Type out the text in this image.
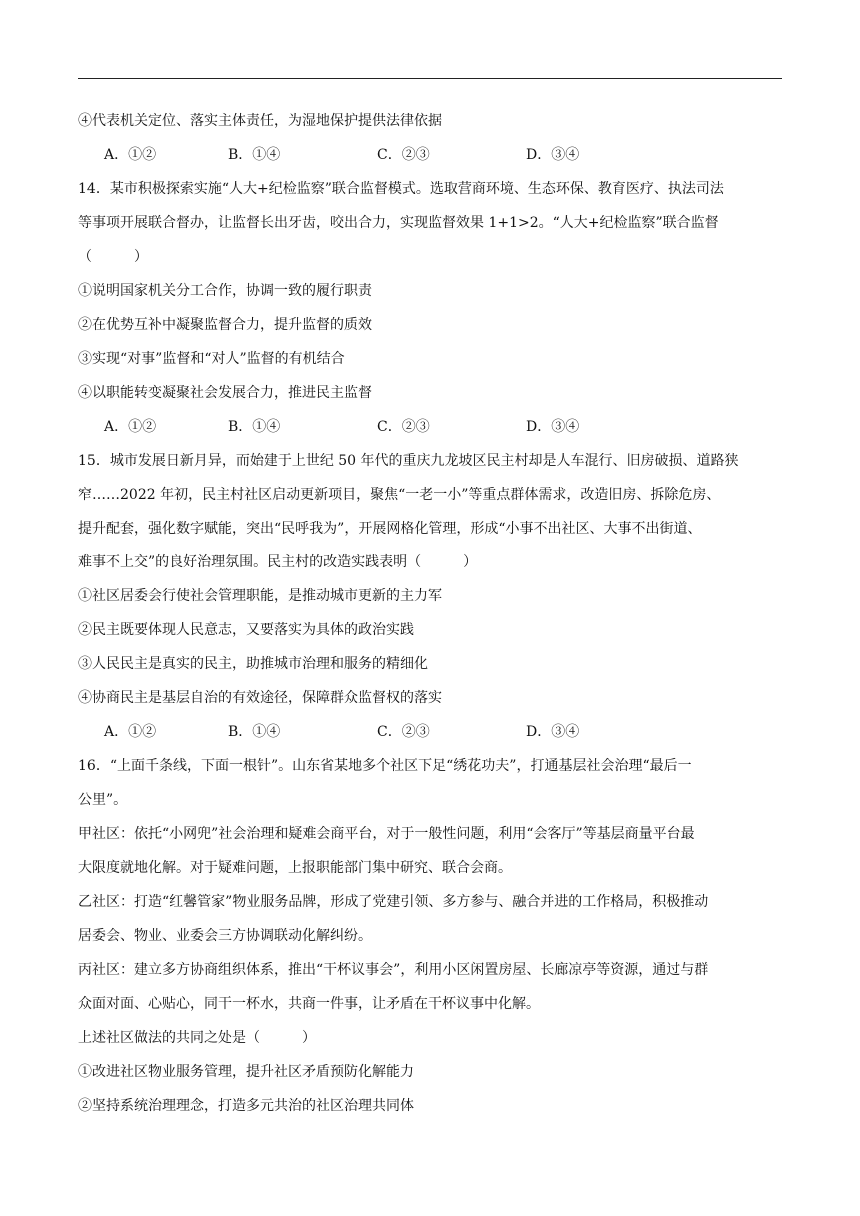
④代表机关定位、落实主体责任，为湿地保护提供法律依据
A．①②	B．①④	C．②③	D．③④
14．某市积极探索实施“人大+纪检监察”联合监督模式。选取营商环境、生态环保、教育医疗、执法司法
等事项开展联合督办，让监督长出牙齿，咬出合力，实现监督效果 1+1>2。“人大+纪检监察”联合监督
（　　　）
①说明国家机关分工合作，协调一致的履行职责
②在优势互补中凝聚监督合力，提升监督的质效
③实现“对事”监督和“对人”监督的有机结合
④以职能转变凝聚社会发展合力，推进民主监督
A．①②	B．①④	C．②③	D．③④
15．城市发展日新月异，而始建于上世纪 50 年代的重庆九龙坡区民主村却是人车混行、旧房破损、道路狭
窄……2022 年初，民主村社区启动更新项目，聚焦“一老一小”等重点群体需求，改造旧房、拆除危房、
提升配套，强化数字赋能，突出“民呼我为”，开展网格化管理，形成“小事不出社区、大事不出街道、
难事不上交”的良好治理氛围。民主村的改造实践表明（　　　）
①社区居委会行使社会管理职能，是推动城市更新的主力军
②民主既要体现人民意志，又要落实为具体的政治实践
③人民民主是真实的民主，助推城市治理和服务的精细化
④协商民主是基层自治的有效途径，保障群众监督权的落实
A．①②	B．①④	C．②③	D．③④
16．“上面千条线，下面一根针”。山东省某地多个社区下足“绣花功夫”，打通基层社会治理“最后一
公里”。
甲社区：依托“小网兜”社会治理和疑难会商平台，对于一般性问题，利用“会客厅”等基层商量平台最
大限度就地化解。对于疑难问题，上报职能部门集中研究、联合会商。
乙社区：打造“红馨管家”物业服务品牌，形成了党建引领、多方参与、融合并进的工作格局，积极推动
居委会、物业、业委会三方协调联动化解纠纷。
丙社区：建立多方协商组织体系，推出“干杯议事会”，利用小区闲置房屋、长廊凉亭等资源，通过与群
众面对面、心贴心，同干一杯水，共商一件事，让矛盾在干杯议事中化解。
上述社区做法的共同之处是（　　　）
①改进社区物业服务管理，提升社区矛盾预防化解能力
②坚持系统治理理念，打造多元共治的社区治理共同体
